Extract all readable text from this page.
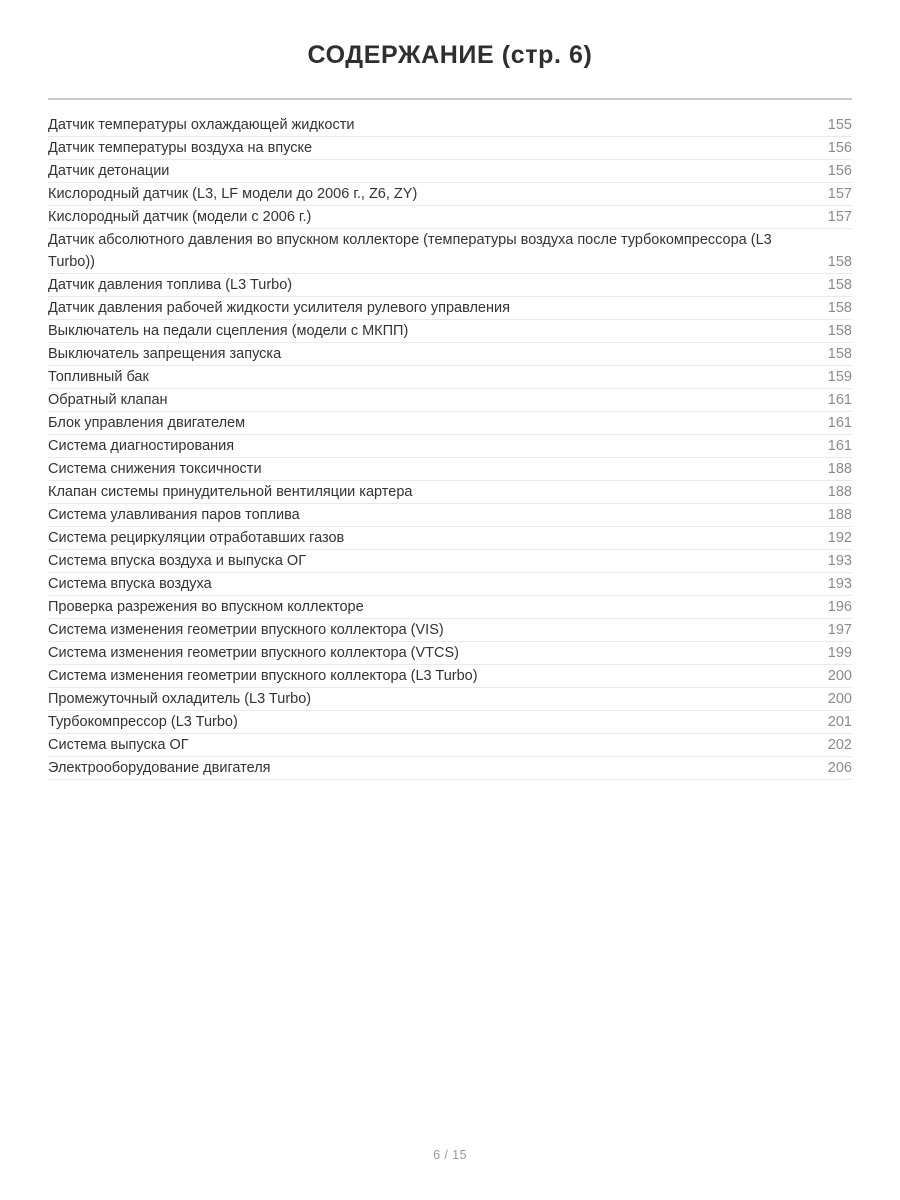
СОДЕРЖАНИЕ (стр. 6)
Датчик температуры охлаждающей жидкости	155
Датчик температуры воздуха на впуске	156
Датчик детонации	156
Кислородный датчик (L3, LF модели до 2006 г., Z6, ZY)	157
Кислородный датчик (модели с 2006 г.)	157
Датчик абсолютного давления во впускном коллекторе (температуры воздуха после турбокомпрессора (L3 Turbo))	158
Датчик давления топлива (L3 Turbo)	158
Датчик давления рабочей жидкости усилителя рулевого управления	158
Выключатель на педали сцепления (модели с МКПП)	158
Выключатель запрещения запуска	158
Топливный бак	159
Обратный клапан	161
Блок управления двигателем	161
Система диагностирования	161
Система снижения токсичности	188
Клапан системы принудительной вентиляции картера	188
Система улавливания паров топлива	188
Система рециркуляции отработавших газов	192
Система впуска воздуха и выпуска ОГ	193
Система впуска воздуха	193
Проверка разрежения во впускном коллекторе	196
Система изменения геометрии впускного коллектора (VIS)	197
Система изменения геометрии впускного коллектора (VTCS)	199
Система изменения геометрии впускного коллектора (L3 Turbo)	200
Промежуточный охладитель (L3 Turbo)	200
Турбокомпрессор (L3 Turbo)	201
Система выпуска ОГ	202
Электрооборудование двигателя	206
6 / 15
